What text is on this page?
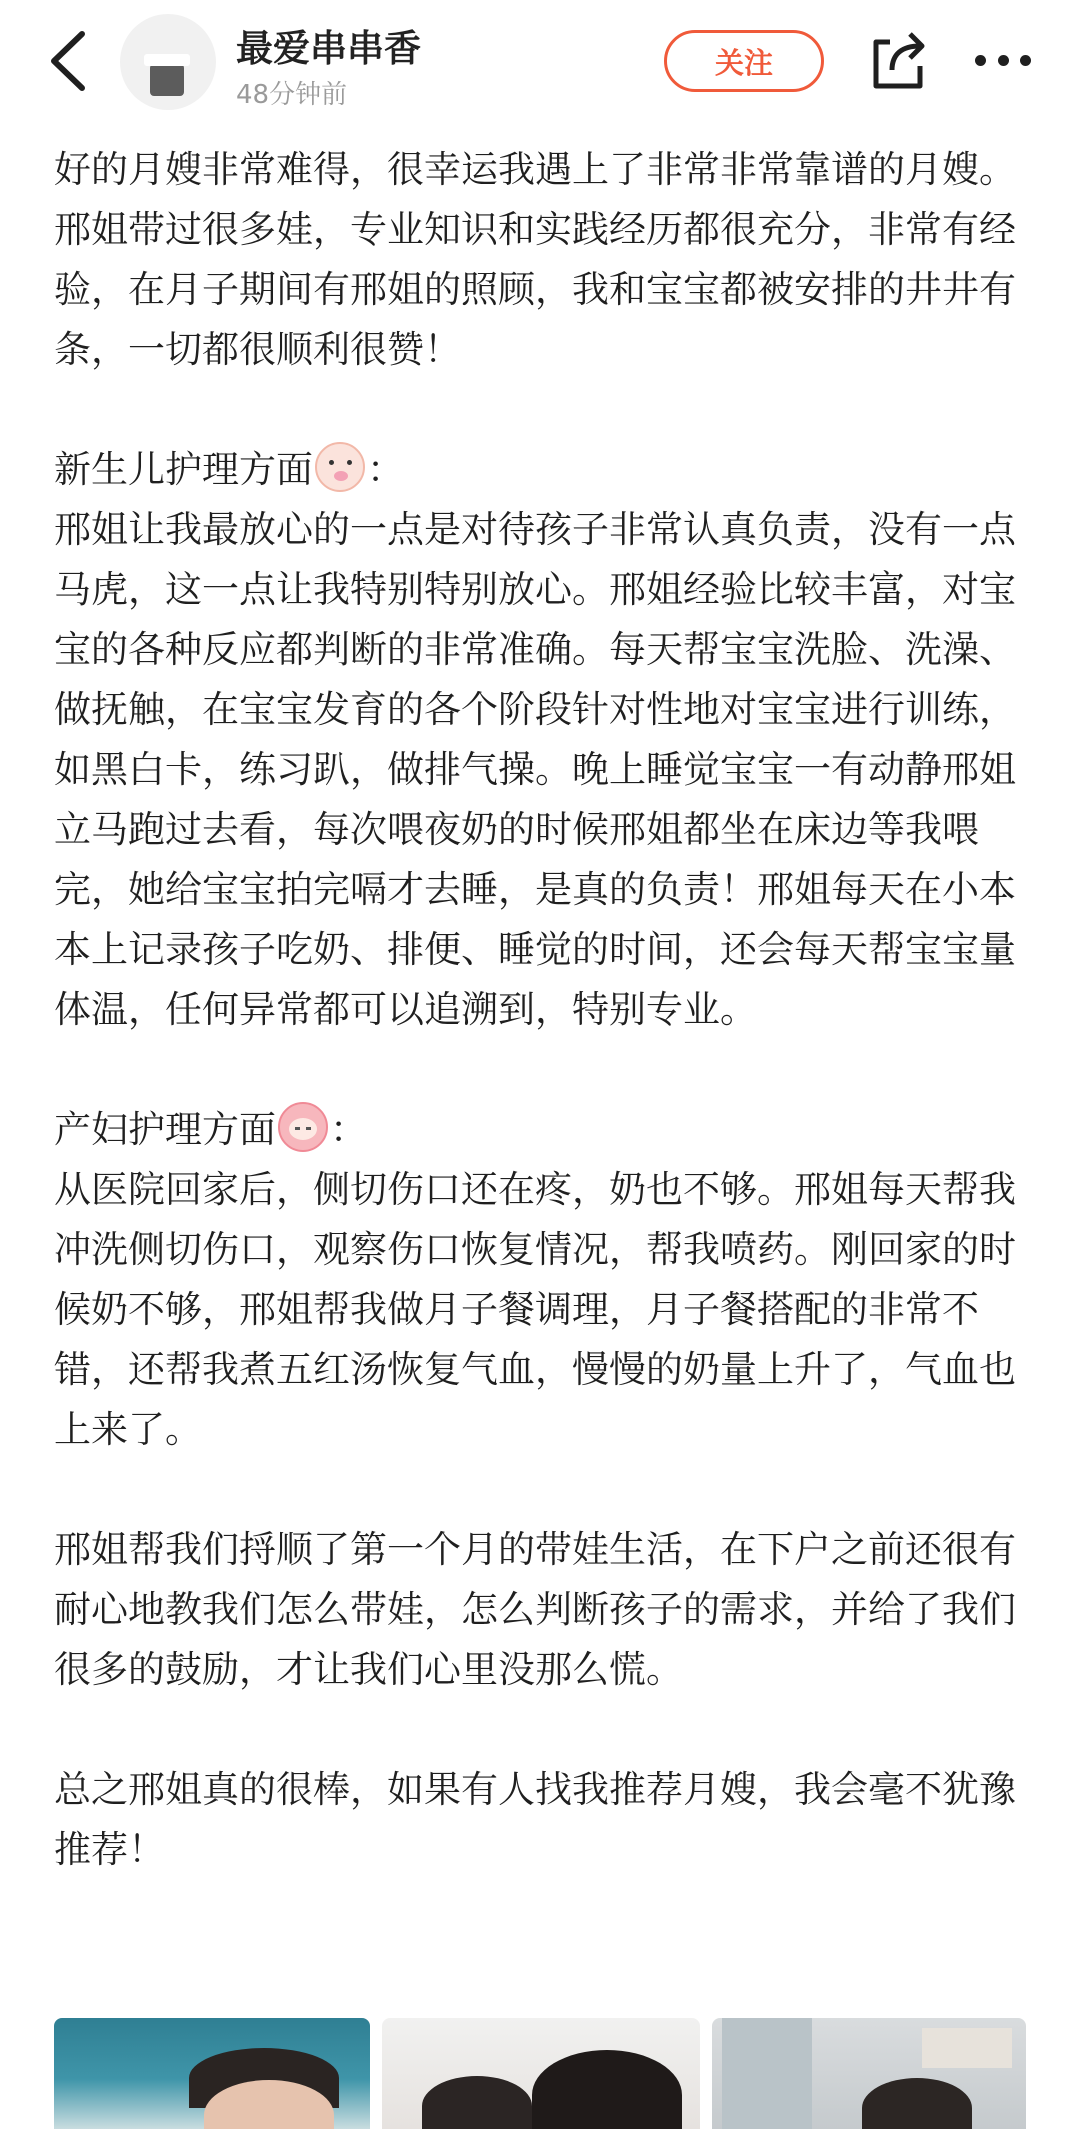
最爱串串香
48分钟前
关注

好的月嫂非常难得，很幸运我遇上了非常非常靠谱的月嫂。邢姐带过很多娃，专业知识和实践经历都很充分，非常有经验，在月子期间有邢姐的照顾，我和宝宝都被安排的井井有条，一切都很顺利很赞！

新生儿护理方面 ：

邢姐让我最放心的一点是对待孩子非常认真负责，没有一点马虎，这一点让我特别特别放心。邢姐经验比较丰富，对宝宝的各种反应都判断的非常准确。每天帮宝宝洗脸、洗澡、做抚触，在宝宝发育的各个阶段针对性地对宝宝进行训练，如黑白卡，练习趴，做排气操。晚上睡觉宝宝一有动静邢姐立马跑过去看，每次喂夜奶的时候邢姐都坐在床边等我喂完，她给宝宝拍完嗝才去睡，是真的负责！邢姐每天在小本本上记录孩子吃奶、排便、睡觉的时间，还会每天帮宝宝量体温，任何异常都可以追溯到，特别专业。

产妇护理方面 ：

从医院回家后，侧切伤口还在疼，奶也不够。邢姐每天帮我冲洗侧切伤口，观察伤口恢复情况，帮我喷药。刚回家的时候奶不够，邢姐帮我做月子餐调理，月子餐搭配的非常不错，还帮我煮五红汤恢复气血，慢慢的奶量上升了，气血也上来了。

邢姐帮我们捋顺了第一个月的带娃生活，在下户之前还很有耐心地教我们怎么带娃，怎么判断孩子的需求，并给了我们很多的鼓励，才让我们心里没那么慌。

总之邢姐真的很棒，如果有人找我推荐月嫂，我会毫不犹豫推荐！
